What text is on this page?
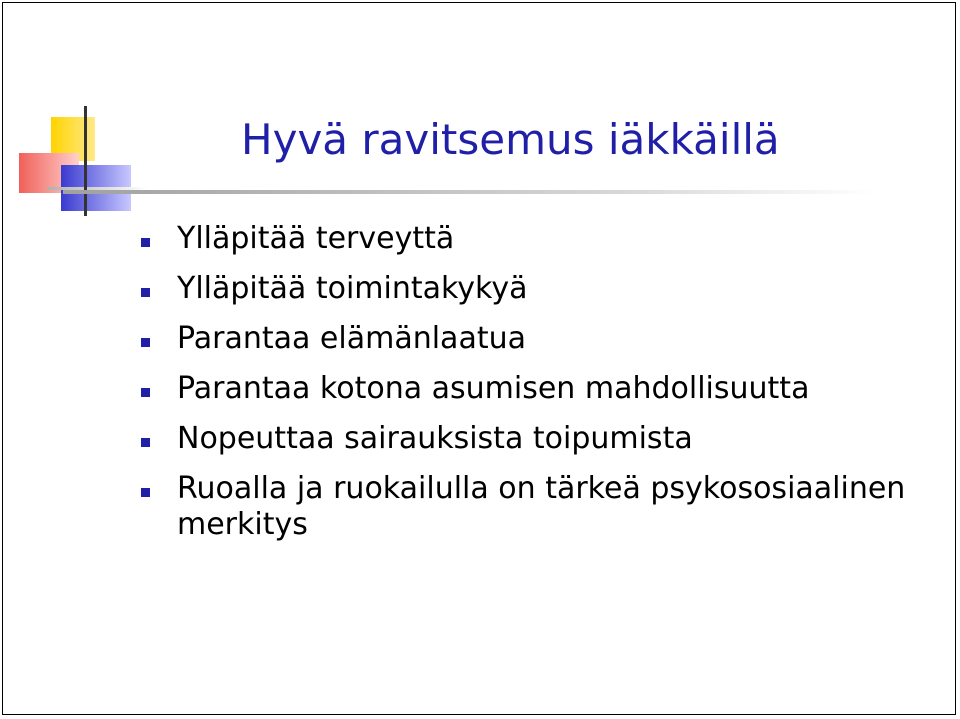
Hyvä ravitsemus iäkkäillä
Ylläpitää terveyttä
Ylläpitää toimintakykyä
Parantaa elämänlaatua
Parantaa kotona asumisen mahdollisuutta
Nopeuttaa sairauksista toipumista
Ruoalla ja ruokailulla on tärkeä psykososiaalinen merkitys
